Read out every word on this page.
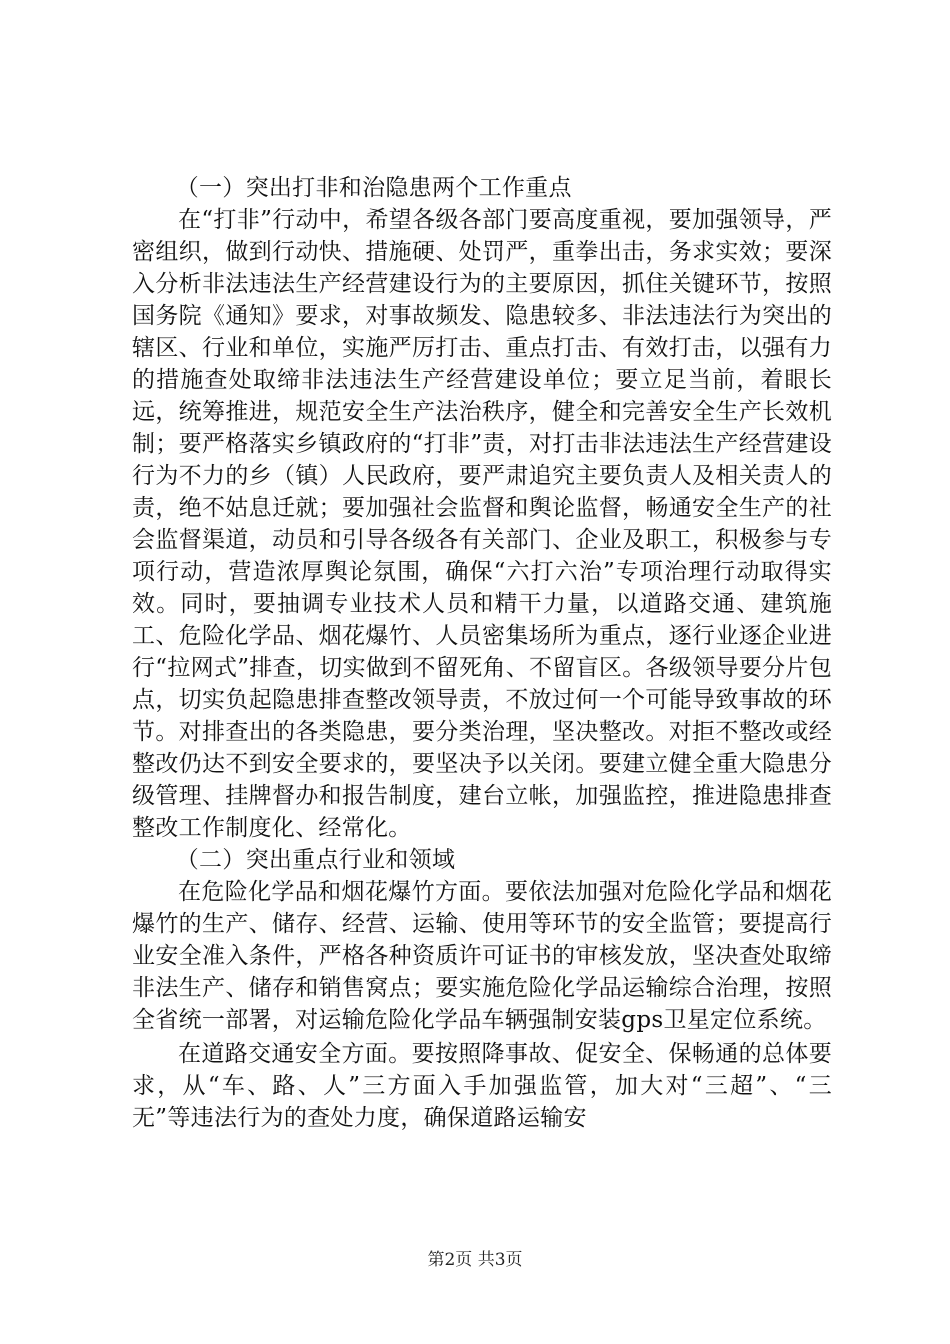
（一）突出打非和治隐患两个工作重点

在“打非”行动中，希望各级各部门要高度重视，要加强领导，严密组织，做到行动快、措施硬、处罚严，重拳出击，务求实效；要深入分析非法违法生产经营建设行为的主要原因，抓住关键环节，按照国务院《通知》要求，对事故频发、隐患较多、非法违法行为突出的辖区、行业和单位，实施严厉打击、重点打击、有效打击，以强有力的措施查处取缔非法违法生产经营建设单位；要立足当前，着眼长远，统筹推进，规范安全生产法治秩序，健全和完善安全生产长效机制；要严格落实乡镇政府的“打非”责，对打击非法违法生产经营建设行为不力的乡（镇）人民政府，要严肃追究主要负责人及相关责人的责，绝不姑息迁就；要加强社会监督和舆论监督，畅通安全生产的社会监督渠道，动员和引导各级各有关部门、企业及职工，积极参与专项行动，营造浓厚舆论氛围，确保“六打六治”专项治理行动取得实效。同时，要抽调专业技术人员和精干力量，以道路交通、建筑施工、危险化学品、烟花爆竹、人员密集场所为重点，逐行业逐企业进行“拉网式”排查，切实做到不留死角、不留盲区。各级领导要分片包点，切实负起隐患排查整改领导责，不放过何一个可能导致事故的环节。对排查出的各类隐患，要分类治理，坚决整改。对拒不整改或经整改仍达不到安全要求的，要坚决予以关闭。要建立健全重大隐患分级管理、挂牌督办和报告制度，建台立帐，加强监控，推进隐患排查整改工作制度化、经常化。

（二）突出重点行业和领域

在危险化学品和烟花爆竹方面。要依法加强对危险化学品和烟花爆竹的生产、储存、经营、运输、使用等环节的安全监管；要提高行业安全准入条件，严格各种资质许可证书的审核发放，坚决查处取缔非法生产、储存和销售窝点；要实施危险化学品运输综合治理，按照全省统一部署，对运输危险化学品车辆强制安装gps卫星定位系统。

在道路交通安全方面。要按照降事故、促安全、保畅通的总体要求，从“车、路、人”三方面入手加强监管，加大对“三超”、“三无”等违法行为的查处力度，确保道路运输安

第2页 共3页
